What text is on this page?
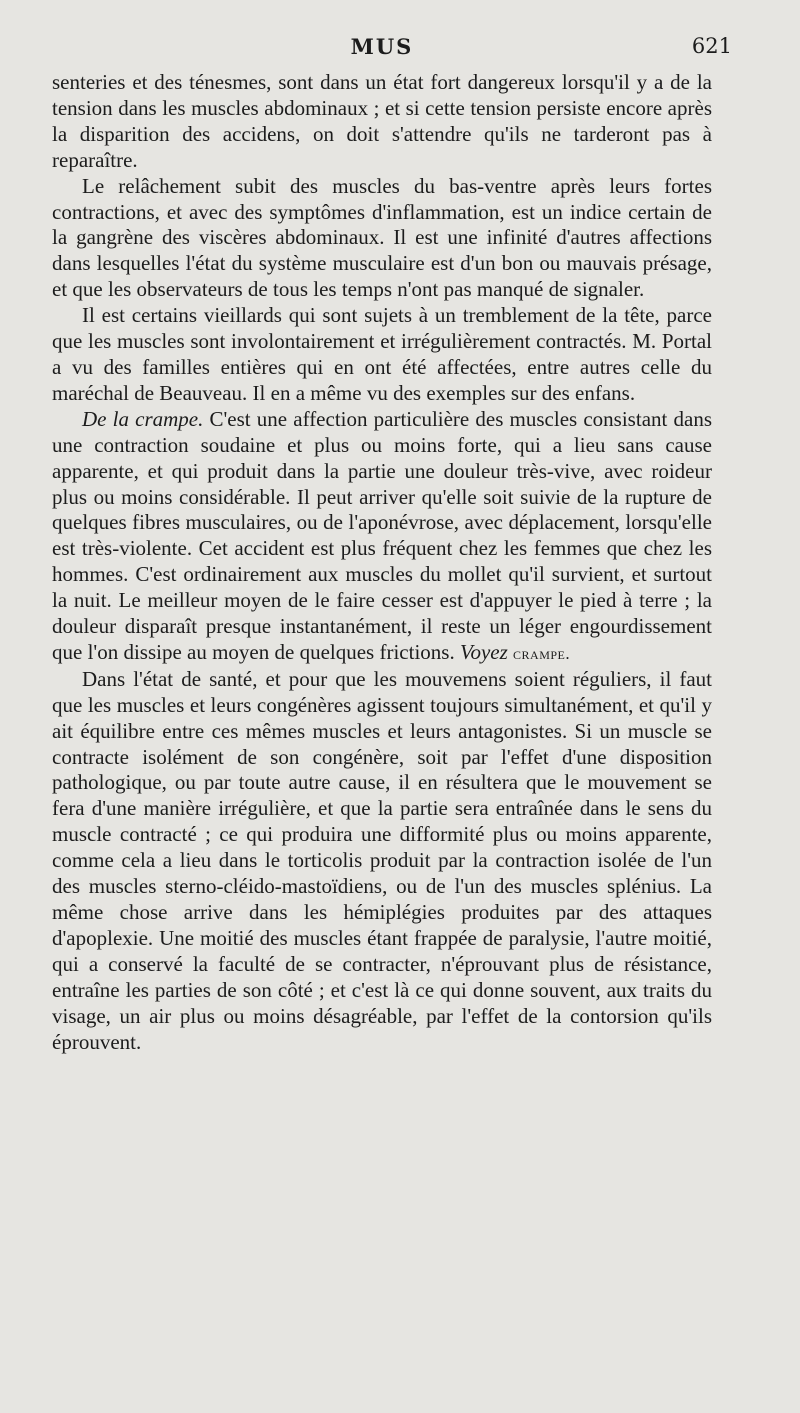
MUS	621

senteries et des ténesmes, sont dans un état fort dangereux lorsqu'il y a de la tension dans les muscles abdominaux ; et si cette tension persiste encore après la disparition des accidens, on doit s'attendre qu'ils ne tarderont pas à reparaître.

Le relâchement subit des muscles du bas-ventre après leurs fortes contractions, et avec des symptômes d'inflammation, est un indice certain de la gangrène des viscères abdominaux. Il est une infinité d'autres affections dans lesquelles l'état du système musculaire est d'un bon ou mauvais présage, et que les observateurs de tous les temps n'ont pas manqué de signaler.

Il est certains vieillards qui sont sujets à un tremblement de la tête, parce que les muscles sont involontairement et irrégulièrement contractés. M. Portal a vu des familles entières qui en ont été affectées, entre autres celle du maréchal de Beauveau. Il en a même vu des exemples sur des enfans.

De la crampe. C'est une affection particulière des muscles consistant dans une contraction soudaine et plus ou moins forte, qui a lieu sans cause apparente, et qui produit dans la partie une douleur très-vive, avec roideur plus ou moins considérable. Il peut arriver qu'elle soit suivie de la rupture de quelques fibres musculaires, ou de l'aponévrose, avec déplacement, lorsqu'elle est très-violente. Cet accident est plus fréquent chez les femmes que chez les hommes. C'est ordinairement aux muscles du mollet qu'il survient, et surtout la nuit. Le meilleur moyen de le faire cesser est d'appuyer le pied à terre ; la douleur disparaît presque instantanément, il reste un léger engourdissement que l'on dissipe au moyen de quelques frictions. Voyez crampe.

Dans l'état de santé, et pour que les mouvemens soient réguliers, il faut que les muscles et leurs congénères agissent toujours simultanément, et qu'il y ait équilibre entre ces mêmes muscles et leurs antagonistes. Si un muscle se contracte isolément de son congénère, soit par l'effet d'une disposition pathologique, ou par toute autre cause, il en résultera que le mouvement se fera d'une manière irrégulière, et que la partie sera entraînée dans le sens du muscle contracté ; ce qui produira une difformité plus ou moins apparente, comme cela a lieu dans le torticolis produit par la contraction isolée de l'un des muscles sterno-cléido-mastoïdiens, ou de l'un des muscles splénius. La même chose arrive dans les hémiplégies produites par des attaques d'apoplexie. Une moitié des muscles étant frappée de paralysie, l'autre moitié, qui a conservé la faculté de se contracter, n'éprouvant plus de résistance, entraîne les parties de son côté ; et c'est là ce qui donne souvent, aux traits du visage, un air plus ou moins désagréable, par l'effet de la contorsion qu'ils éprouvent.
